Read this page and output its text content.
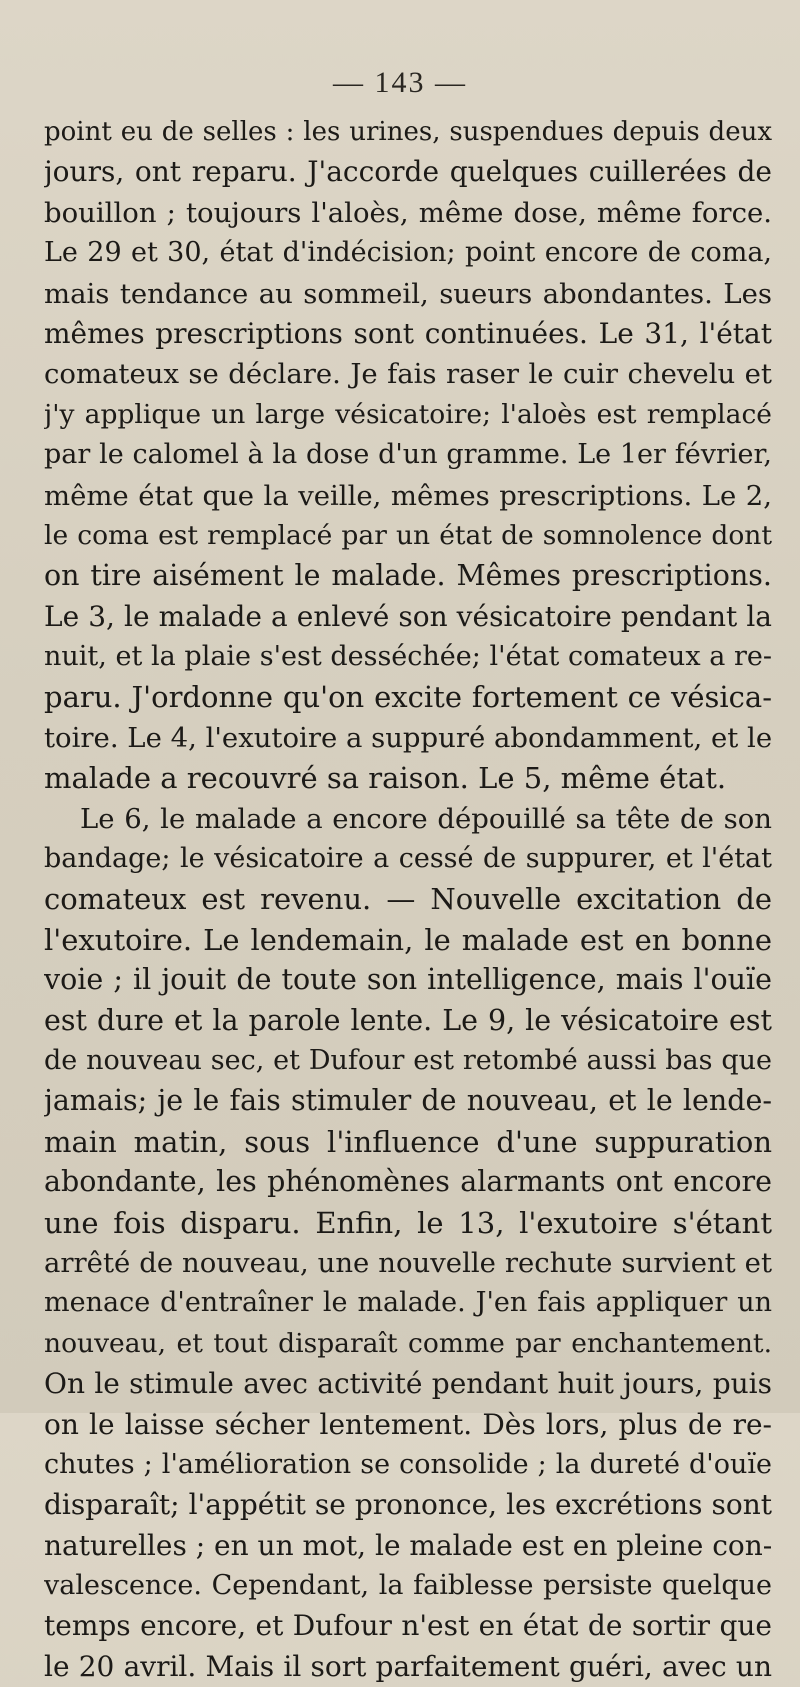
— 143 —
point eu de selles : les urines, suspendues depuis deux
jours, ont reparu. J'accorde quelques cuillerées de
bouillon ; toujours l'aloès, même dose, même force.
Le 29 et 30, état d'indécision; point encore de coma,
mais tendance au sommeil, sueurs abondantes. Les
mêmes prescriptions sont continuées. Le 31, l'état
comateux se déclare. Je fais raser le cuir chevelu et
j'y applique un large vésicatoire; l'aloès est remplacé
par le calomel à la dose d'un gramme. Le 1er février,
même état que la veille, mêmes prescriptions. Le 2,
le coma est remplacé par un état de somnolence dont
on tire aisément le malade. Mêmes prescriptions.
Le 3, le malade a enlevé son vésicatoire pendant la
nuit, et la plaie s'est desséchée; l'état comateux a re-
paru. J'ordonne qu'on excite fortement ce vésica-
toire. Le 4, l'exutoire a suppuré abondamment, et le
malade a recouvré sa raison. Le 5, même état.
Le 6, le malade a encore dépouillé sa tête de son
bandage; le vésicatoire a cessé de suppurer, et l'état
comateux est revenu. — Nouvelle excitation de
l'exutoire. Le lendemain, le malade est en bonne
voie ; il jouit de toute son intelligence, mais l'ouïe
est dure et la parole lente. Le 9, le vésicatoire est
de nouveau sec, et Dufour est retombé aussi bas que
jamais; je le fais stimuler de nouveau, et le lende-
main matin, sous l'influence d'une suppuration
abondante, les phénomènes alarmants ont encore
une fois disparu. Enfin, le 13, l'exutoire s'étant
arrêté de nouveau, une nouvelle rechute survient et
menace d'entraîner le malade. J'en fais appliquer un
nouveau, et tout disparaît comme par enchantement.
On le stimule avec activité pendant huit jours, puis
on le laisse sécher lentement. Dès lors, plus de re-
chutes ; l'amélioration se consolide ; la dureté d'ouïe
disparaît; l'appétit se prononce, les excrétions sont
naturelles ; en un mot, le malade est en pleine con-
valescence. Cependant, la faiblesse persiste quelque
temps encore, et Dufour n'est en état de sortir que
le 20 avril. Mais il sort parfaitement guéri, avec un
